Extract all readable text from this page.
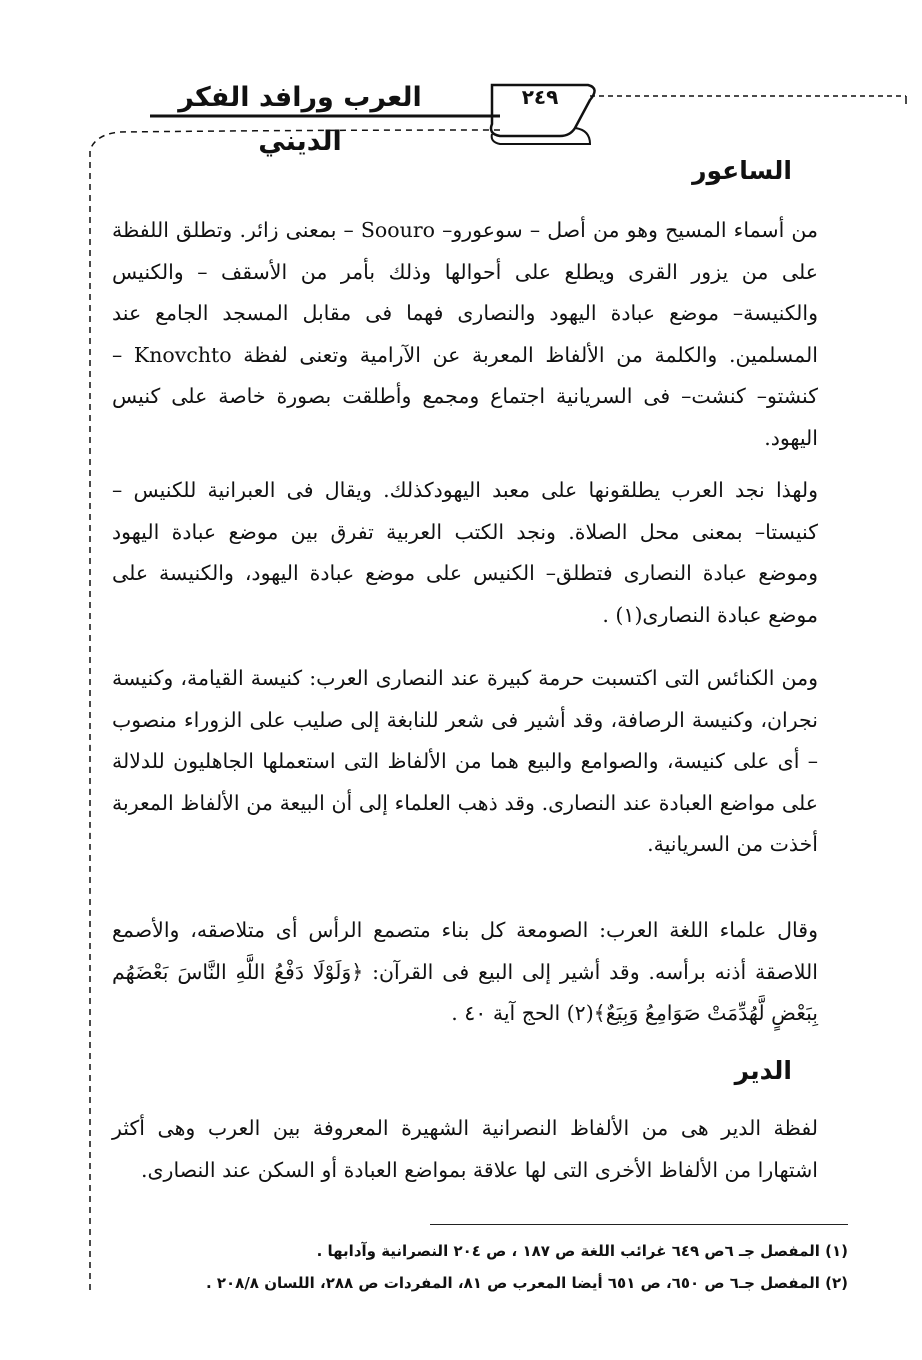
العرب ورافد الفكر الديني
٢٤٩
الساعور

من أسماء المسيح وهو من أصل – سوعورو– Soouro – بمعنى زائر. وتطلق اللفظة على من يزور القرى ويطلع على أحوالها وذلك بأمر من الأسقف – والكنيس والكنيسة– موضع عبادة اليهود والنصارى فهما فى مقابل المسجد الجامع عند المسلمين. والكلمة من الألفاظ المعربة عن الآرامية وتعنى لفظة Knovchto – كنشتو– كنشت– فى السريانية اجتماع ومجمع وأطلقت بصورة خاصة على كنيس اليهود.

ولهذا نجد العرب يطلقونها على معبد اليهودكذلك. ويقال فى العبرانية للكنيس – كنيستا– بمعنى محل الصلاة. ونجد الكتب العربية تفرق بين موضع عبادة اليهود وموضع عبادة النصارى فتطلق– الكنيس على موضع عبادة اليهود، والكنيسة على موضع عبادة النصارى(١) .

ومن الكنائس التى اكتسبت حرمة كبيرة عند النصارى العرب: كنيسة القيامة، وكنيسة نجران، وكنيسة الرصافة، وقد أشير فى شعر للنابغة إلى صليب على الزوراء منصوب – أى على كنيسة، والصوامع والبيع هما من الألفاظ التى استعملها الجاهليون للدلالة على مواضع العبادة عند النصارى. وقد ذهب العلماء إلى أن البيعة من الألفاظ المعربة أخذت من السريانية.

وقال علماء اللغة العرب: الصومعة كل بناء متصمع الرأس أى متلاصقه، والأصمع اللاصقة أذنه برأسه. وقد أشير إلى البيع فى القرآن: ﴿وَلَوْلَا دَفْعُ اللَّهِ النَّاسَ بَعْضَهُم بِبَعْضٍ لَّهُدِّمَتْ صَوَامِعُ وَبِيَعٌ﴾(٢) الحج آية ٤٠ .

الدير

لفظة الدير هى من الألفاظ النصرانية الشهيرة المعروفة بين العرب وهى أكثر اشتهارا من الألفاظ الأخرى التى لها علاقة بمواضع العبادة أو السكن عند النصارى.

(١) المفصل جـ ٦ص ٦٤٩ غرائب اللغة ص ١٨٧ ، ص ٢٠٤ النصرانية وآدابها .

(٢) المفصل جـ٦ ص ٦٥٠، ص ٦٥١ أيضا المعرب ص ٨١، المفردات ص ٢٨٨، اللسان ٢٠٨/٨ .
